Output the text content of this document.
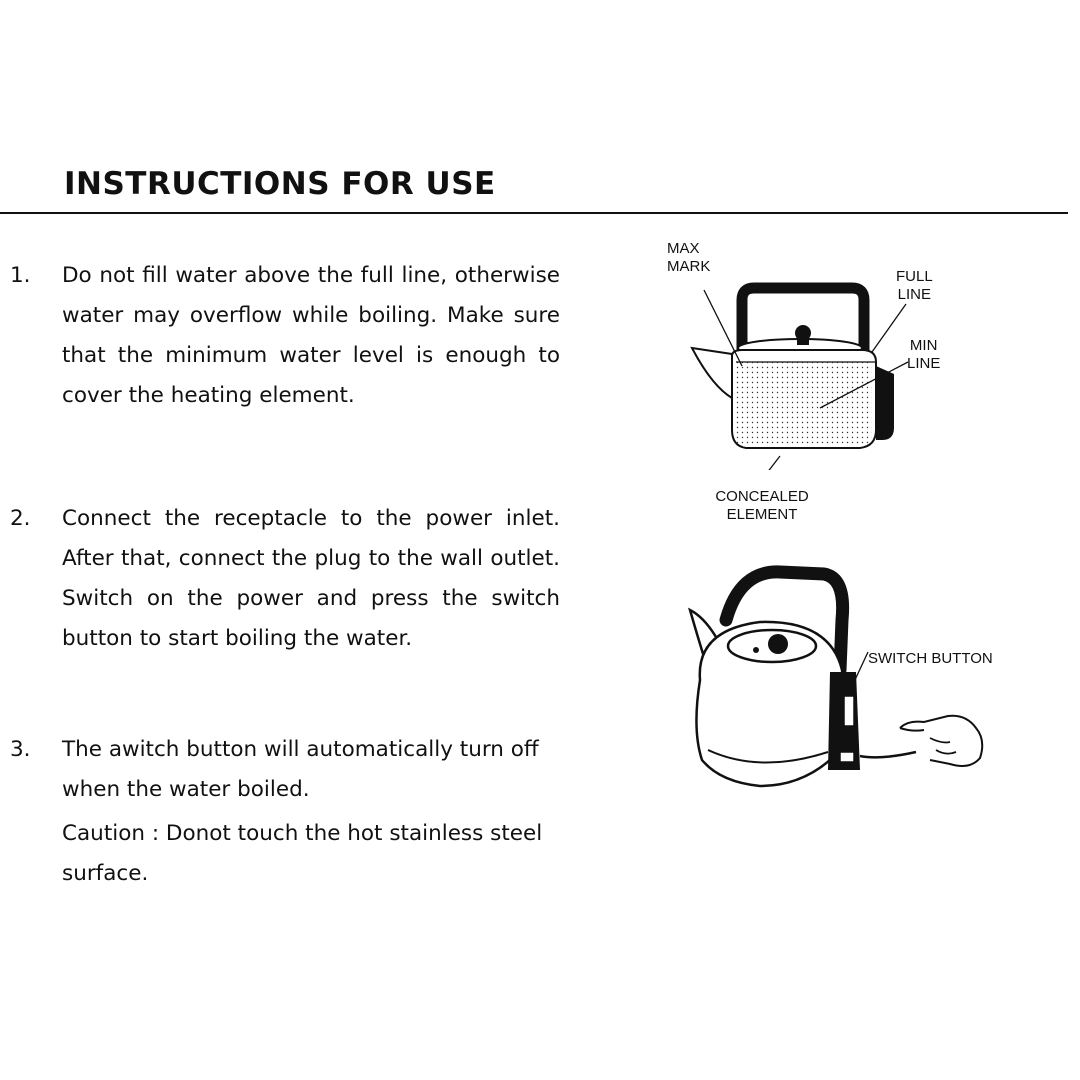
INSTRUCTIONS FOR USE
1. Do not fill water above the full line, otherwise water may overflow while boiling. Make sure that the minimum water level is enough to cover the heating element.

2. Connect the receptacle to the power inlet. After that, connect the plug to the wall outlet. Switch on the power and press the switch button to start boiling the water.

3. The awitch button will automatically turn off when the water boiled.

Caution : Donot touch the hot stainless steel surface.

MAX
MARK
FULL
LINE
MIN
LINE
CONCEALED
ELEMENT
SWITCH BUTTON
